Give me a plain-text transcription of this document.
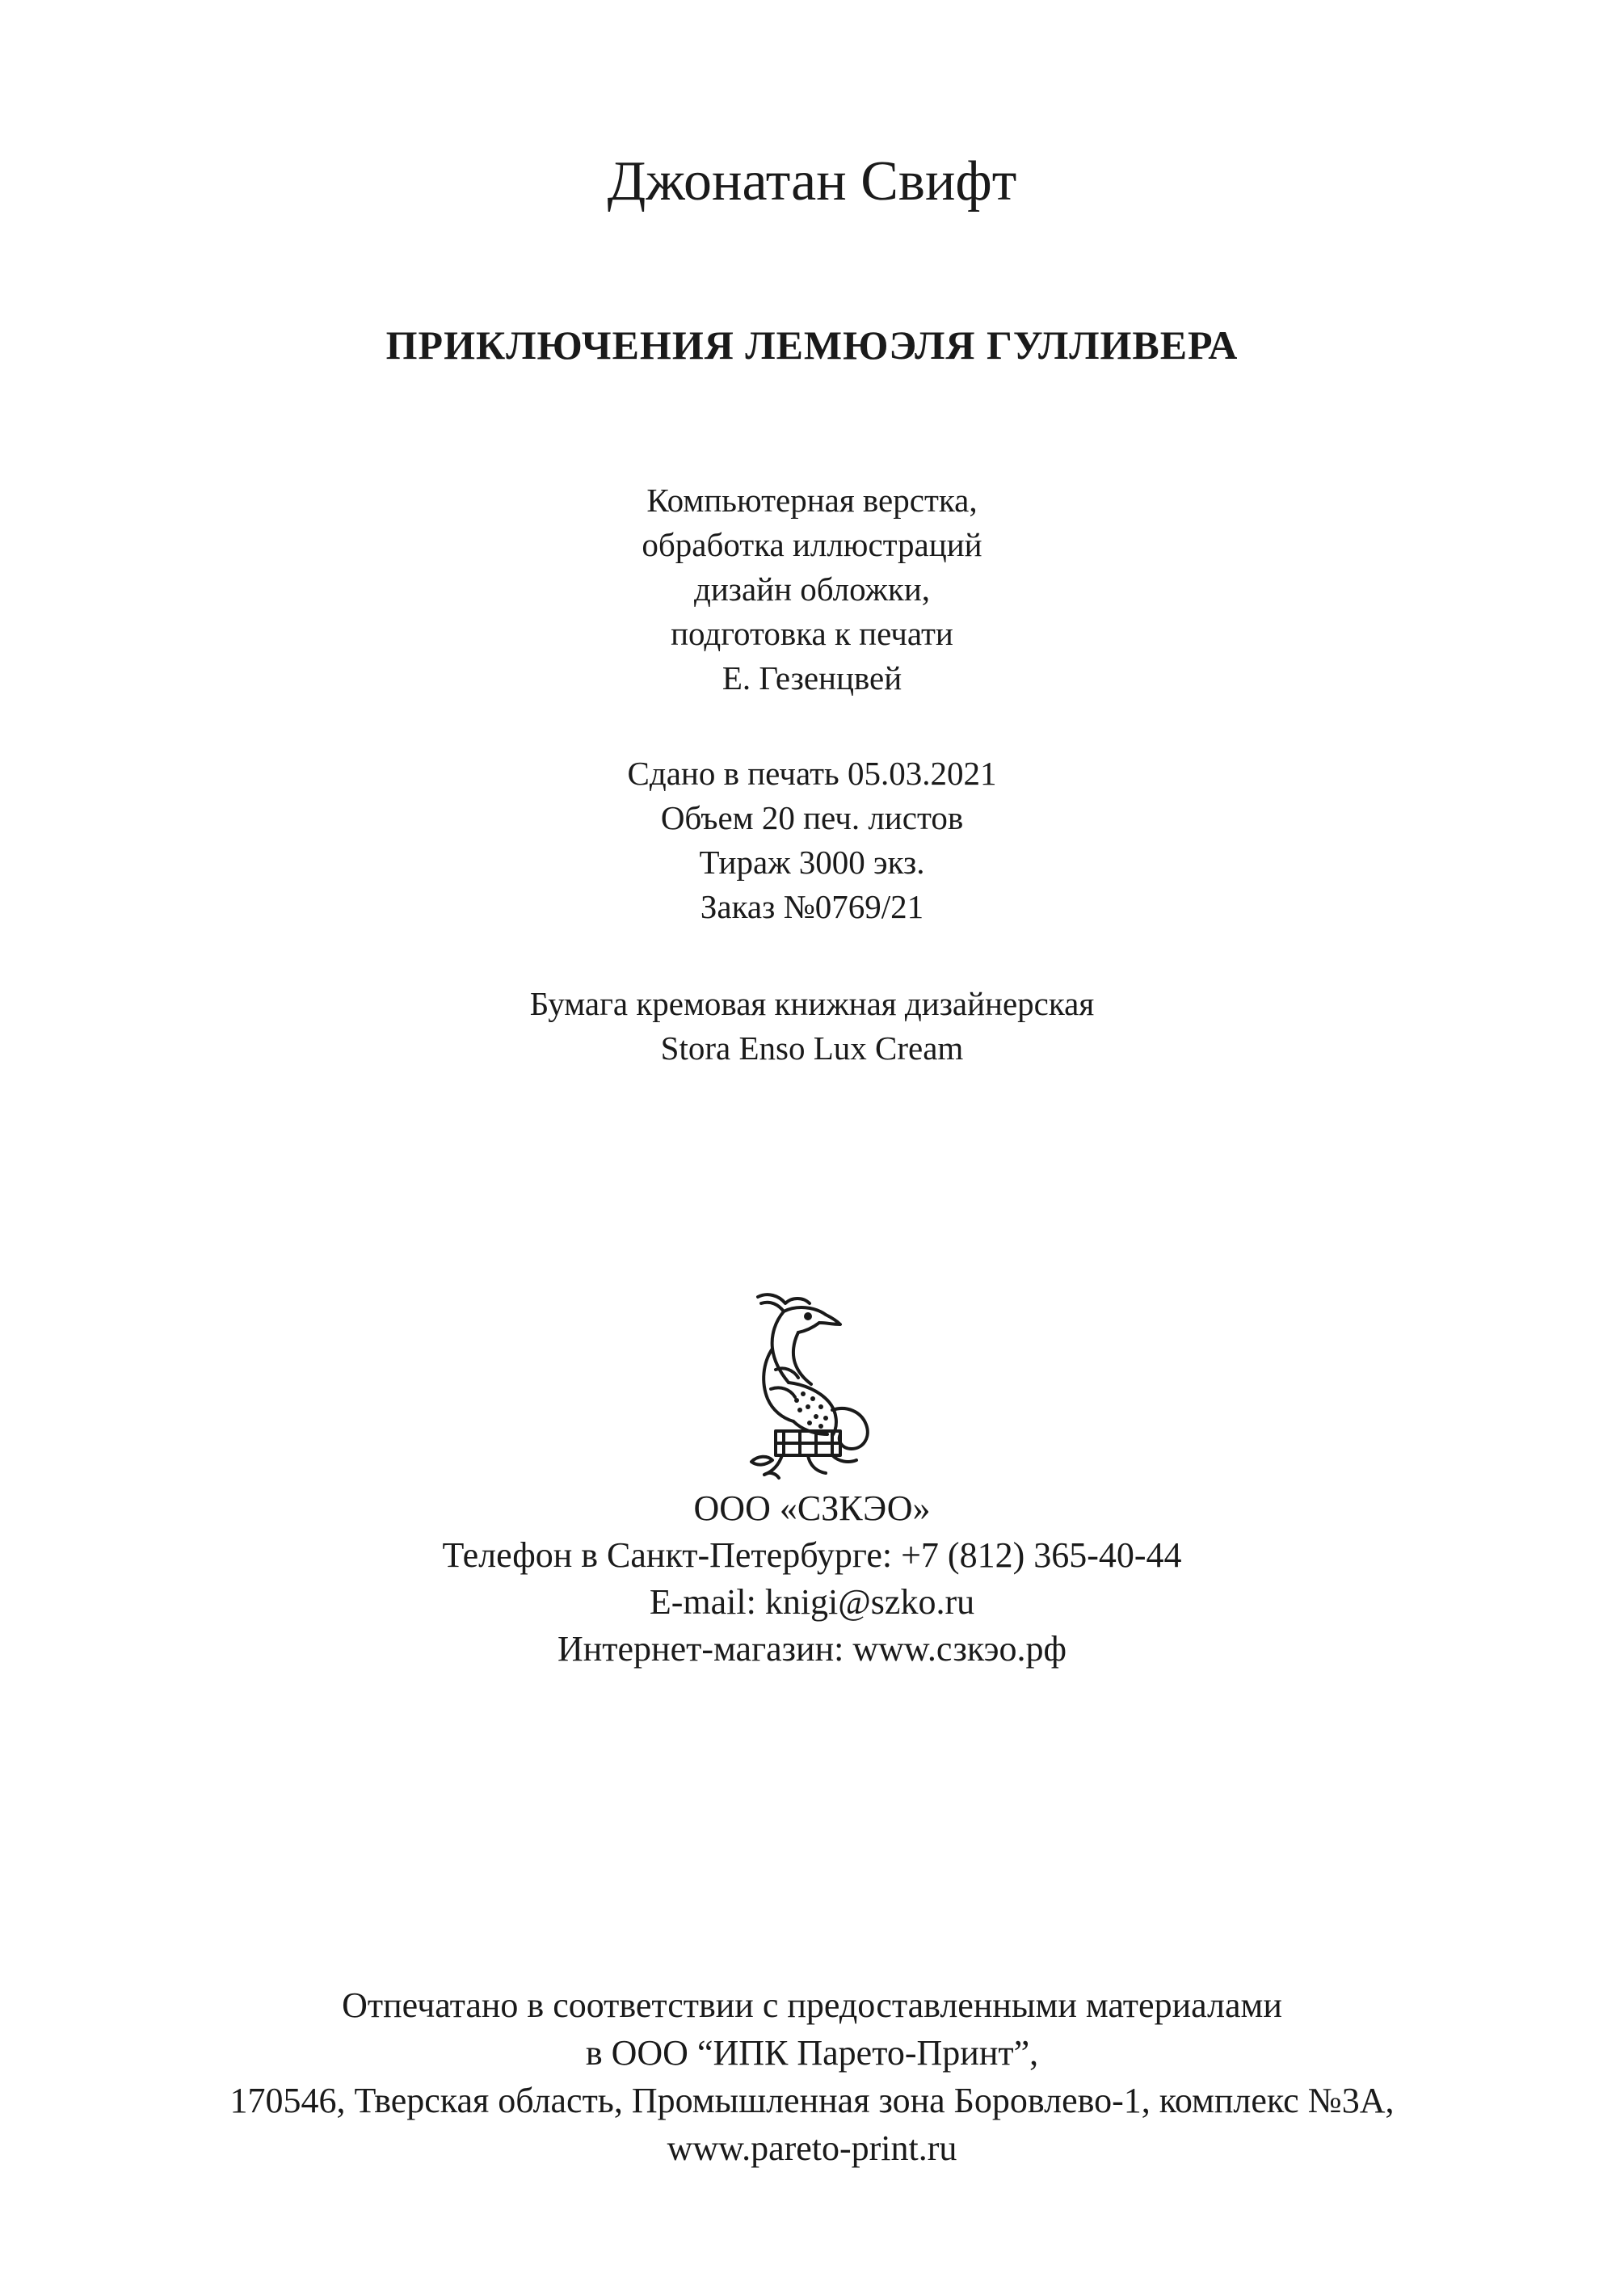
Джонатан Свифт
ПРИКЛЮЧЕНИЯ ЛЕМЮЭЛЯ ГУЛЛИВЕРА
Компьютерная верстка,
обработка иллюстраций
дизайн обложки,
подготовка к печати
Е. Гезенцвей
Сдано в печать 05.03.2021
Объем 20 печ. листов
Тираж 3000 экз.
Заказ №0769/21
Бумага кремовая книжная дизайнерская
Stora Enso Lux Cream
ООО «СЗКЭО»
Телефон в Санкт-Петербурге: +7 (812) 365-40-44
E-mail: knigi@szko.ru
Интернет-магазин: www.сзкэо.рф
Отпечатано в соответствии с предоставленными материалами
в ООО “ИПК Парето-Принт”,
170546, Тверская область, Промышленная зона Боровлево-1, комплекс №3А,
www.pareto-print.ru
